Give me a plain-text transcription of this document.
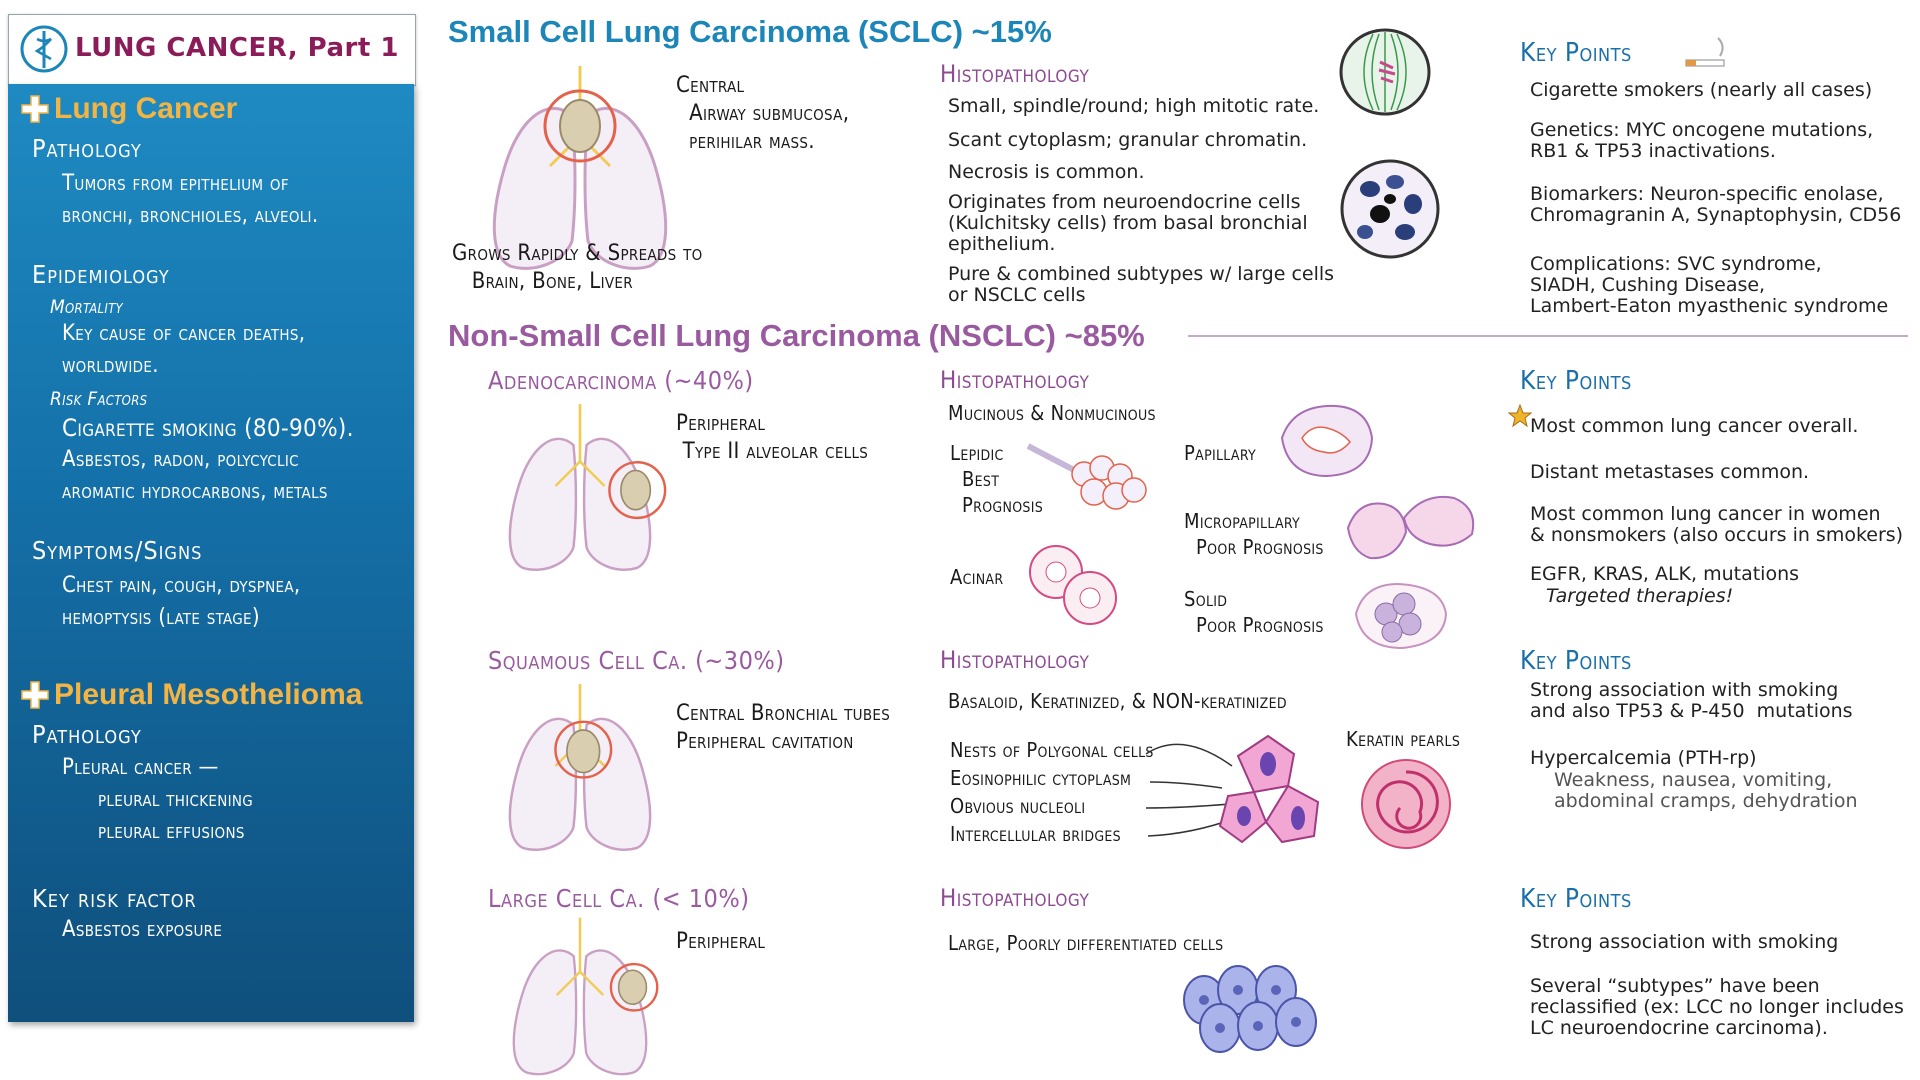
LUNG CANCER, Part 1
Lung Cancer
Pathology
Tumors from epithelium of
bronchi, bronchioles, alveoli.
Epidemiology
Mortality
Key cause of cancer deaths,
worldwide.
Risk Factors
Cigarette smoking (80-90%).
Asbestos, radon, polycyclic
aromatic hydrocarbons, metals
Symptoms/Signs
Chest pain, cough, dyspnea,
hemoptysis (late stage)
Pleural Mesothelioma
Pathology
Pleural cancer —
pleural thickening
pleural effusions
Key risk factor
Asbestos exposure
Small Cell Lung Carcinoma (SCLC) ~15%
Central
Airway submucosa,
perihilar mass.
Grows Rapidly & Spreads to
Brain, Bone, Liver
Histopathology
Small, spindle/round; high mitotic rate.
Scant cytoplasm; granular chromatin.
Necrosis is common.
Originates from neuroendocrine cells
(Kulchitsky cells) from basal bronchial
epithelium.
Pure & combined subtypes w/ large cells
or NSCLC cells
Key Points
Cigarette smokers (nearly all cases)
Genetics: MYC oncogene mutations,
RB1 & TP53 inactivations.
Biomarkers: Neuron-specific enolase,
Chromagranin A, Synaptophysin, CD56
Complications: SVC syndrome,
SIADH, Cushing Disease,
Lambert-Eaton myasthenic syndrome
Non-Small Cell Lung Carcinoma (NSCLC) ~85%
Adenocarcinoma (~40%)
Peripheral
Type II alveolar cells
Histopathology
Mucinous & Nonmucinous
Lepidic
Best
Prognosis
Acinar
Papillary
Micropapillary
Poor Prognosis
Solid
Poor Prognosis
Key Points
Most common lung cancer overall.
Distant metastases common.
Most common lung cancer in women
& nonsmokers (also occurs in smokers)
EGFR, KRAS, ALK, mutations
Targeted therapies!
Squamous Cell Ca. (~30%)
Central Bronchial tubes
Peripheral cavitation
Histopathology
Basaloid, Keratinized, & NON-keratinized
Nests of Polygonal cells
Eosinophilic cytoplasm
Obvious nucleoli
Intercellular bridges
Keratin pearls
Key Points
Strong association with smoking
and also TP53 & P-450  mutations
Hypercalcemia (PTH-rp)
Weakness, nausea, vomiting,
abdominal cramps, dehydration
Large Cell Ca. (< 10%)
Peripheral
Histopathology
Large, Poorly differentiated cells
Key Points
Strong association with smoking
Several “subtypes” have been
reclassified (ex: LCC no longer includes
LC neuroendocrine carcinoma).
